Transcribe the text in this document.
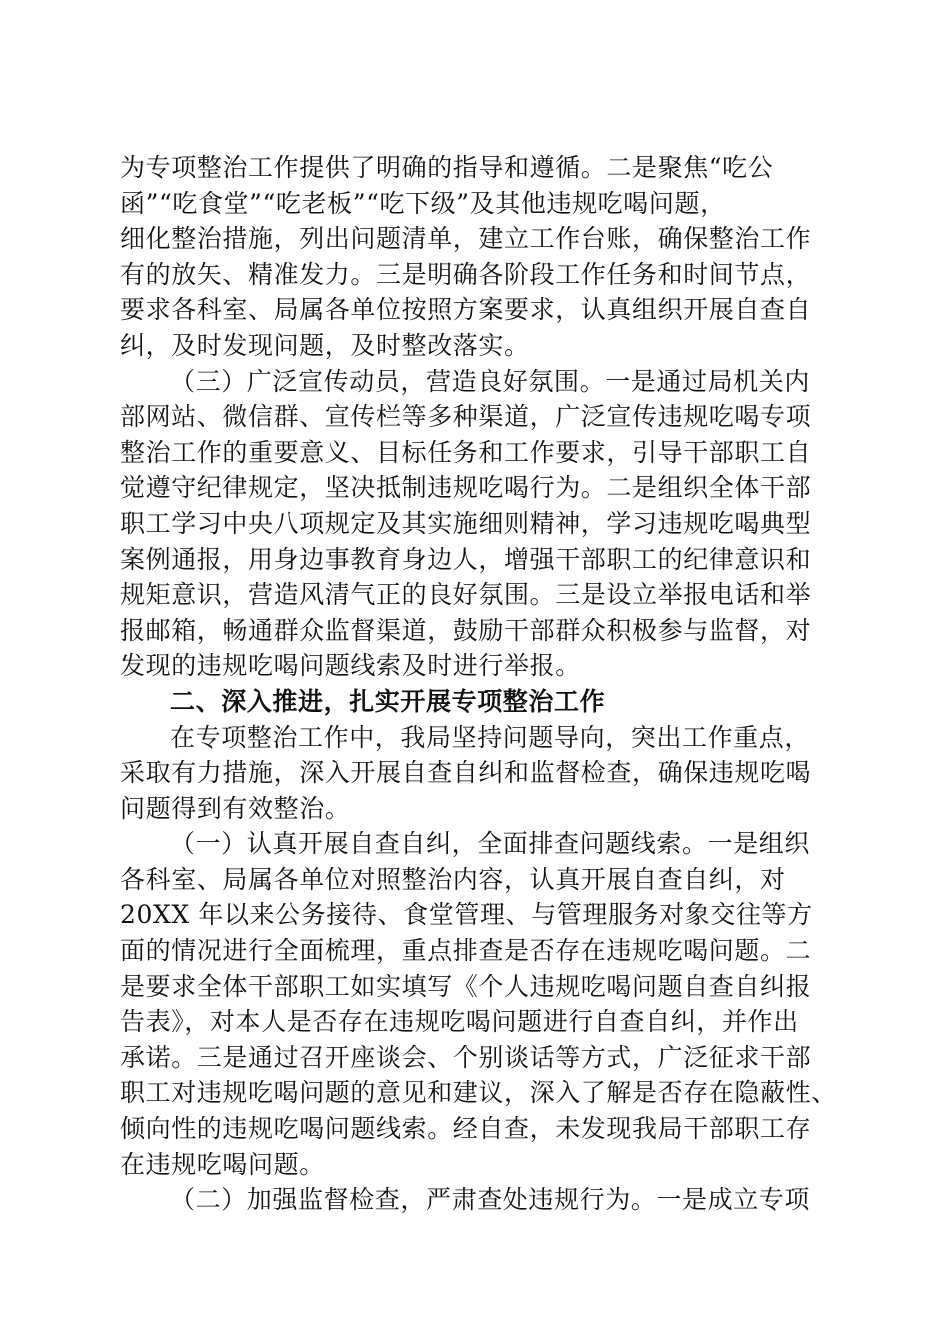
为专项整治工作提供了明确的指导和遵循。二是聚焦“吃公
函”“吃食堂”“吃老板”“吃下级”及其他违规吃喝问题，
细化整治措施，列出问题清单，建立工作台账，确保整治工作
有的放矢、精准发力。三是明确各阶段工作任务和时间节点，
要求各科室、局属各单位按照方案要求，认真组织开展自查自
纠，及时发现问题，及时整改落实。
（三）广泛宣传动员，营造良好氛围。一是通过局机关内
部网站、微信群、宣传栏等多种渠道，广泛宣传违规吃喝专项
整治工作的重要意义、目标任务和工作要求，引导干部职工自
觉遵守纪律规定，坚决抵制违规吃喝行为。二是组织全体干部
职工学习中央八项规定及其实施细则精神，学习违规吃喝典型
案例通报，用身边事教育身边人，增强干部职工的纪律意识和
规矩意识，营造风清气正的良好氛围。三是设立举报电话和举
报邮箱，畅通群众监督渠道，鼓励干部群众积极参与监督，对
发现的违规吃喝问题线索及时进行举报。
二、深入推进，扎实开展专项整治工作
在专项整治工作中，我局坚持问题导向，突出工作重点，
采取有力措施，深入开展自查自纠和监督检查，确保违规吃喝
问题得到有效整治。
（一）认真开展自查自纠，全面排查问题线索。一是组织
各科室、局属各单位对照整治内容，认真开展自查自纠，对
20XX 年以来公务接待、食堂管理、与管理服务对象交往等方
面的情况进行全面梳理，重点排查是否存在违规吃喝问题。二
是要求全体干部职工如实填写《个人违规吃喝问题自查自纠报
告表》，对本人是否存在违规吃喝问题进行自查自纠，并作出
承诺。三是通过召开座谈会、个别谈话等方式，广泛征求干部
职工对违规吃喝问题的意见和建议，深入了解是否存在隐蔽性、
倾向性的违规吃喝问题线索。经自查，未发现我局干部职工存
在违规吃喝问题。
（二）加强监督检查，严肃查处违规行为。一是成立专项
